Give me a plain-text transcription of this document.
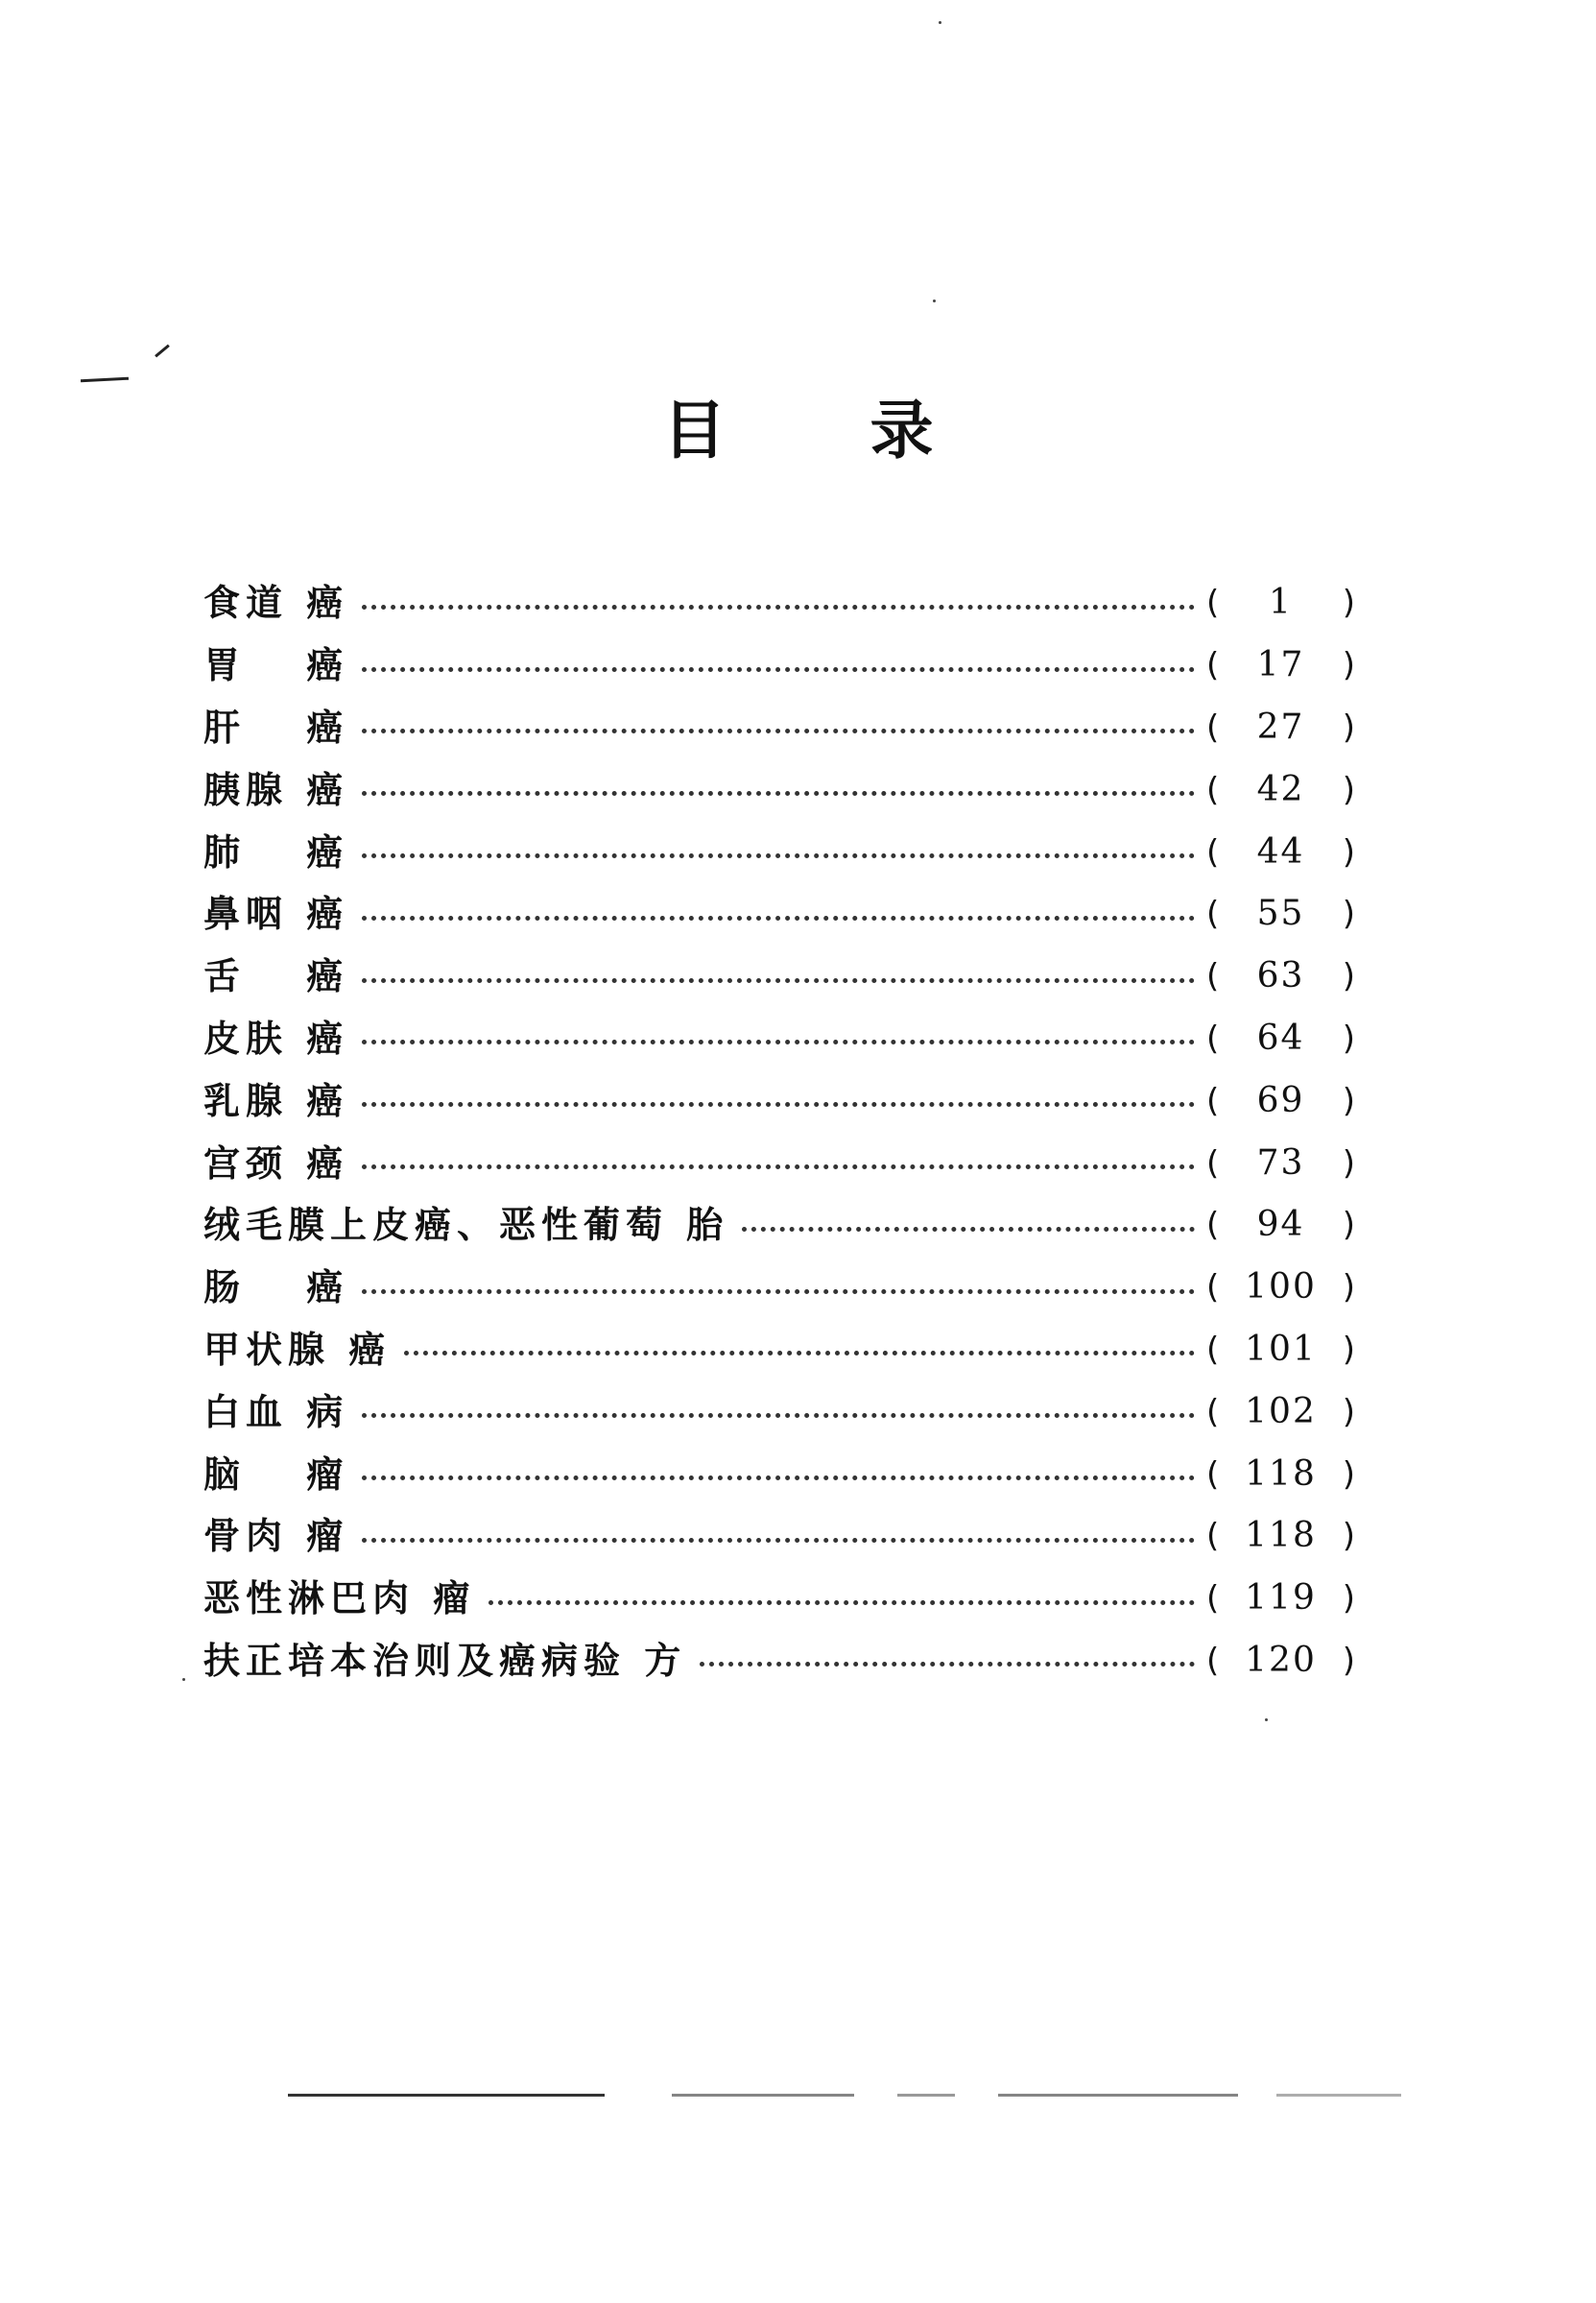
目 录
食道 癌	(	1	)
胃　 癌	(	17	)
肝　 癌	(	27	)
胰腺 癌	(	42	)
肺　 癌	(	44	)
鼻咽 癌	(	55	)
舌　 癌	(	63	)
皮肤 癌	(	64	)
乳腺 癌	(	69	)
宫颈 癌	(	73	)
绒毛膜上皮癌、恶性葡萄 胎	(	94	)
肠　 癌	( 100 )
甲状腺 癌	( 101 )
白血 病	( 102 )
脑　 瘤	( 118 )
骨肉 瘤	( 118 )
恶性淋巴肉 瘤	( 119 )
扶正培本治则及癌病验 方	( 120 )
